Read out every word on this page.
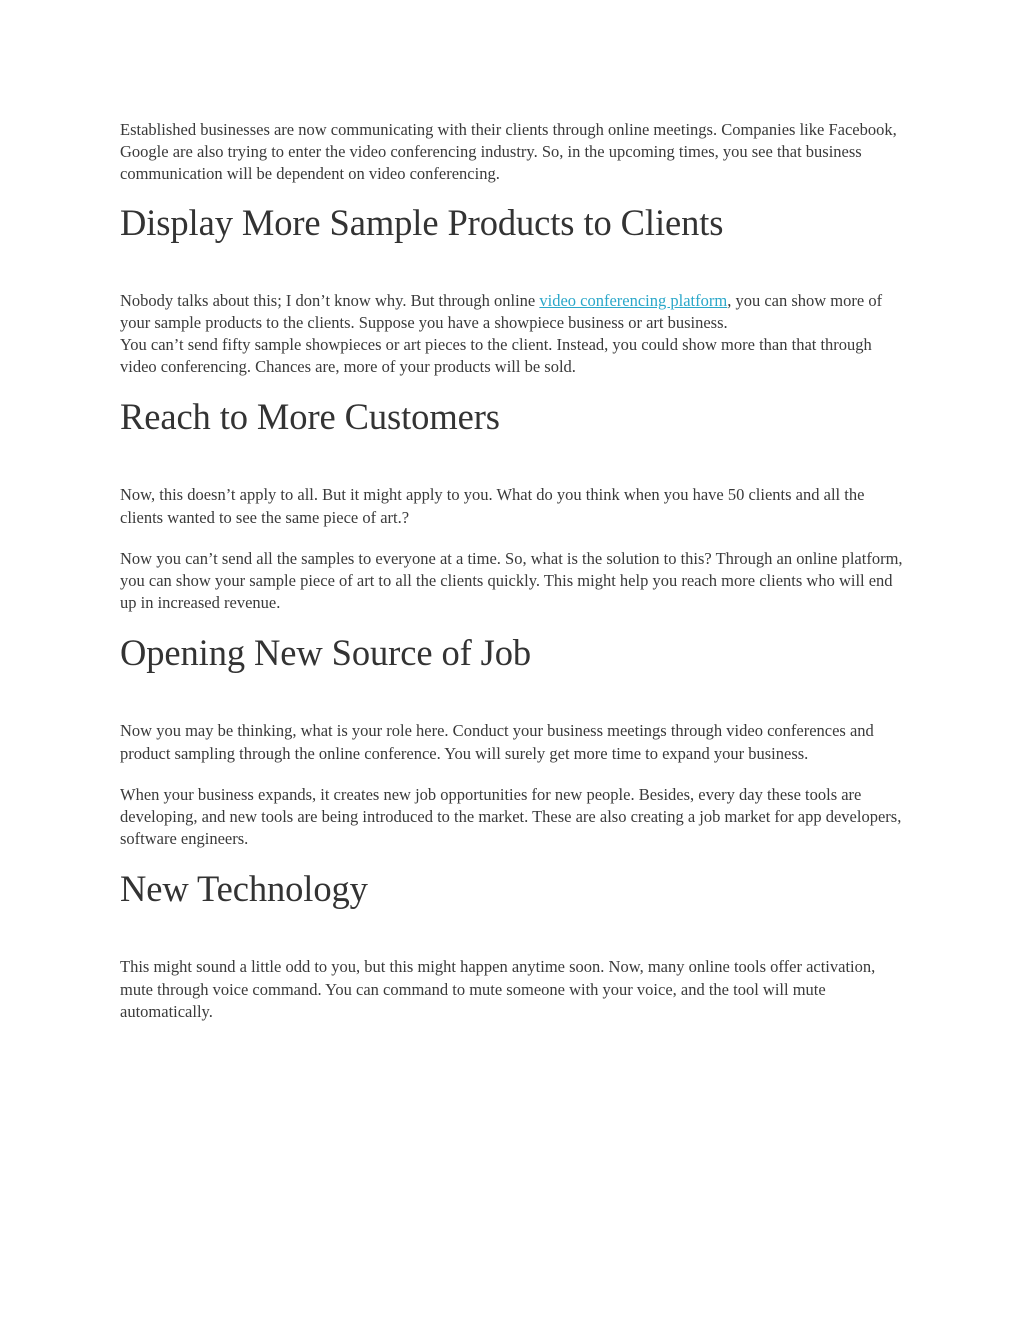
Established businesses are now communicating with their clients through online meetings. Companies like Facebook, Google are also trying to enter the video conferencing industry. So, in the upcoming times, you see that business communication will be dependent on video conferencing.

Display More Sample Products to Clients

Nobody talks about this; I don’t know why. But through online video conferencing platform, you can show more of your sample products to the clients. Suppose you have a showpiece business or art business.

You can’t send fifty sample showpieces or art pieces to the client. Instead, you could show more than that through video conferencing. Chances are, more of your products will be sold.

Reach to More Customers

Now, this doesn’t apply to all. But it might apply to you. What do you think when you have 50 clients and all the clients wanted to see the same piece of art.?

Now you can’t send all the samples to everyone at a time. So, what is the solution to this? Through an online platform, you can show your sample piece of art to all the clients quickly. This might help you reach more clients who will end up in increased revenue.

Opening New Source of Job

Now you may be thinking, what is your role here. Conduct your business meetings through video conferences and product sampling through the online conference. You will surely get more time to expand your business.

When your business expands, it creates new job opportunities for new people. Besides, every day these tools are developing, and new tools are being introduced to the market. These are also creating a job market for app developers, software engineers.

New Technology

This might sound a little odd to you, but this might happen anytime soon. Now, many online tools offer activation, mute through voice command. You can command to mute someone with your voice, and the tool will mute automatically.
